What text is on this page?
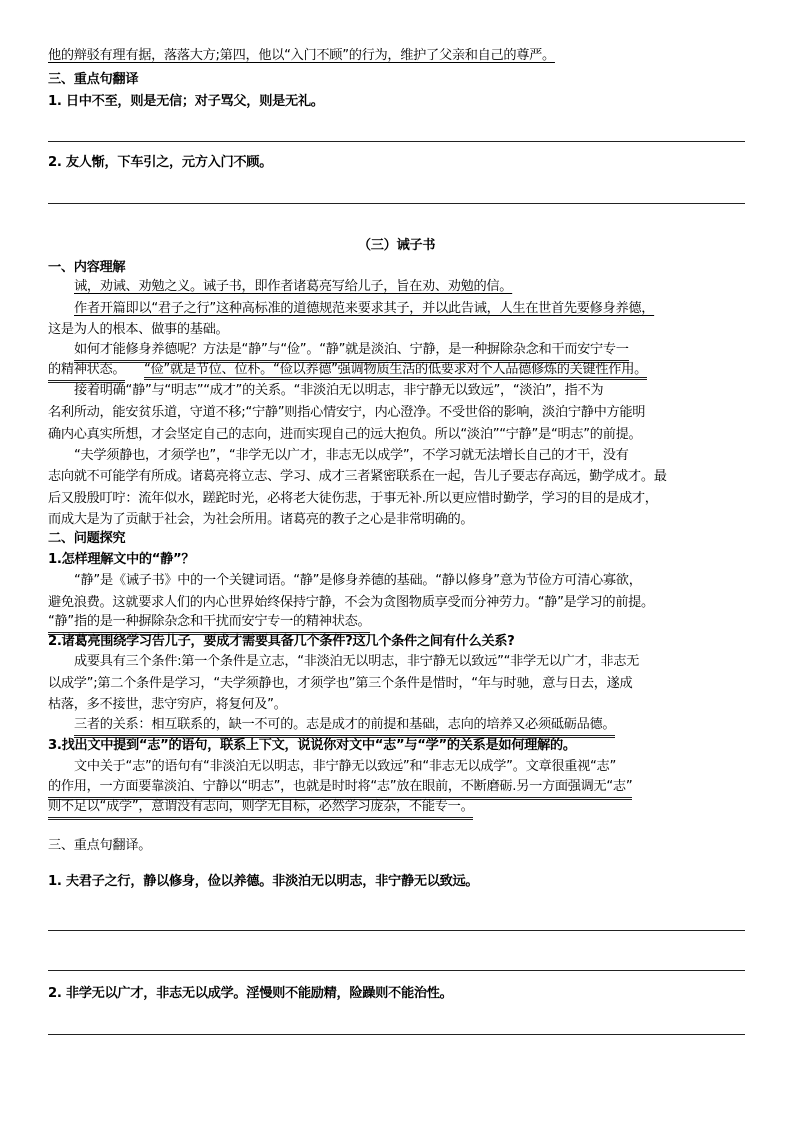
他的辩驳有理有据，落落大方;第四，他以“入门不顾”的行为，维护了父亲和自己的尊严。
三、重点句翻译
1. 日中不至，则是无信；对子骂父，则是无礼。
2. 友人惭，下车引之，元方入门不顾。
（三）诫子书
一、内容理解
诫，劝诫、劝勉之义。诫子书，即作者诸葛亮写给儿子，旨在劝、劝勉的信。
作者开篇即以“君子之行”这种高标准的道德规范来要求其子，并以此告诫，人生在世首先要修身养德，
这是为人的根本、做事的基础。
如何才能修身养德呢？方法是“静”与“俭”。“静”就是淡泊、宁静，是一种摒除杂念和干而安宁专一
的精神状态。 “俭”就是节位、位朴。“俭以养德”强调物质生活的低要求对个人品德修炼的关键性作用。
接着明确“静”与“明志”“成才”的关系。“非淡泊无以明志，非宁静无以致远”，“淡泊”，指不为
名利所动，能安贫乐道，守道不移;“宁静”则指心情安宁，内心澄净。不受世俗的影响，淡泊宁静中方能明
确内心真实所想，才会坚定自己的志向，进而实现自己的远大抱负。所以“淡泊”“宁静”是“明志”的前提。
“夫学须静也，才须学也”，“非学无以广才，非志无以成学”，不学习就无法增长自己的才干，没有
志向就不可能学有所成。诸葛亮将立志、学习、成才三者紧密联系在一起，告儿子要志存高远，勤学成才。最
后又殷殷叮咛：流年似水，蹉跎时光，必将老大徒伤悲，于事无补.所以更应惜时勤学，学习的目的是成才，
而成大是为了贡献于社会，为社会所用。诸葛亮的教子之心是非常明确的。
二、问题探究
1.怎样理解文中的“静”？
“静”是《诫子书》中的一个关键词语。“静”是修身养德的基础。“静以修身”意为节俭方可清心寡欲，
避免浪费。这就要求人们的内心世界始终保持宁静，不会为贪图物质享受而分神劳力。“静”是学习的前提。
“静”指的是一种摒除杂念和干扰而安宁专一的精神状态。
2.诸葛亮围绕学习告儿子，要成才需要具备几个条件?这几个条件之间有什么关系?
成要具有三个条件:第一个条件是立志，“非淡泊无以明志，非宁静无以致远”“非学无以广才，非志无
以成学”;第二个条件是学习，“夫学须静也，才须学也”第三个条件是惜时，“年与时驰，意与日去，遂成
枯落，多不接世，悲守穷庐，将复何及”。
三者的关系：相互联系的，缺一不可的。志是成才的前提和基础，志向的培养又必须砥砺品德。
3.找出文中提到“志”的语句，联系上下文，说说你对文中“志”与“学”的关系是如何理解的。
文中关于“志”的语句有“非淡泊无以明志，非宁静无以致远”和“非志无以成学”。文章很重视“志”
的作用，一方面要靠淡泊、宁静以“明志”，也就是时时将“志”放在眼前，不断磨砺.另一方面强调无“志”
则不足以“成学”，意谓没有志向，则学无目标，必然学习庞杂，不能专一。
三、重点句翻译。
1. 夫君子之行，静以修身，俭以养德。非淡泊无以明志，非宁静无以致远。
2. 非学无以广才，非志无以成学。淫慢则不能励精，险躁则不能治性。
